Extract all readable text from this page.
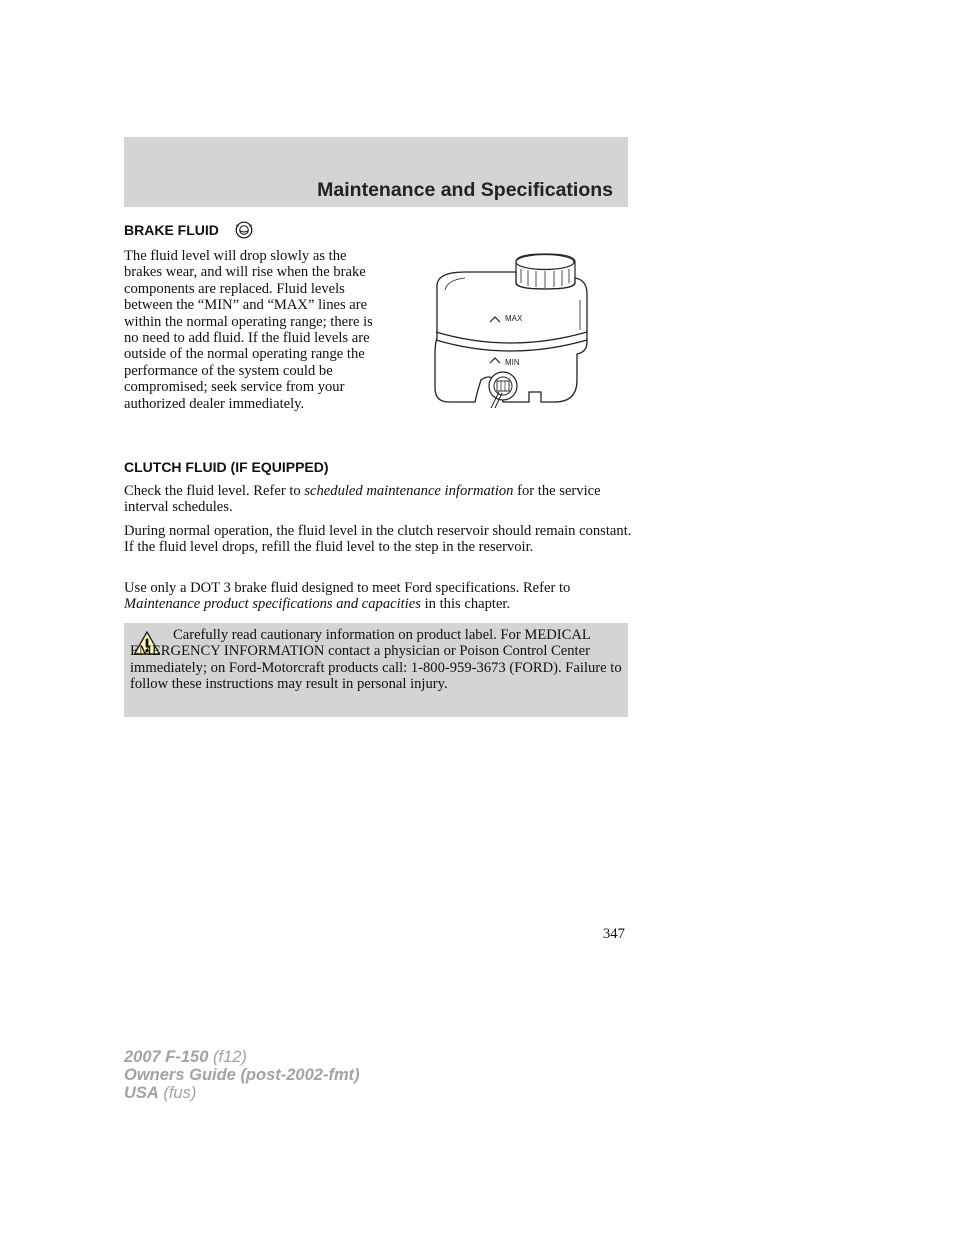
Maintenance and Specifications
BRAKE FLUID

The fluid level will drop slowly as the brakes wear, and will rise when the brake components are replaced. Fluid levels between the “MIN” and “MAX” lines are within the normal operating range; there is no need to add fluid. If the fluid levels are outside of the normal operating range the performance of the system could be compromised; seek service from your authorized dealer immediately.

MAX
MIN
CLUTCH FLUID (IF EQUIPPED)

Check the fluid level. Refer to scheduled maintenance information for the service interval schedules.

During normal operation, the fluid level in the clutch reservoir should remain constant. If the fluid level drops, refill the fluid level to the step in the reservoir.

Use only a DOT 3 brake fluid designed to meet Ford specifications. Refer to Maintenance product specifications and capacities in this chapter.

Carefully read cautionary information on product label. For MEDICAL EMERGENCY INFORMATION contact a physician or Poison Control Center immediately; on Ford-Motorcraft products call: 1-800-959-3673 (FORD). Failure to follow these instructions may result in personal injury.

347
2007 F-150 (f12)
Owners Guide (post-2002-fmt)
USA (fus)
